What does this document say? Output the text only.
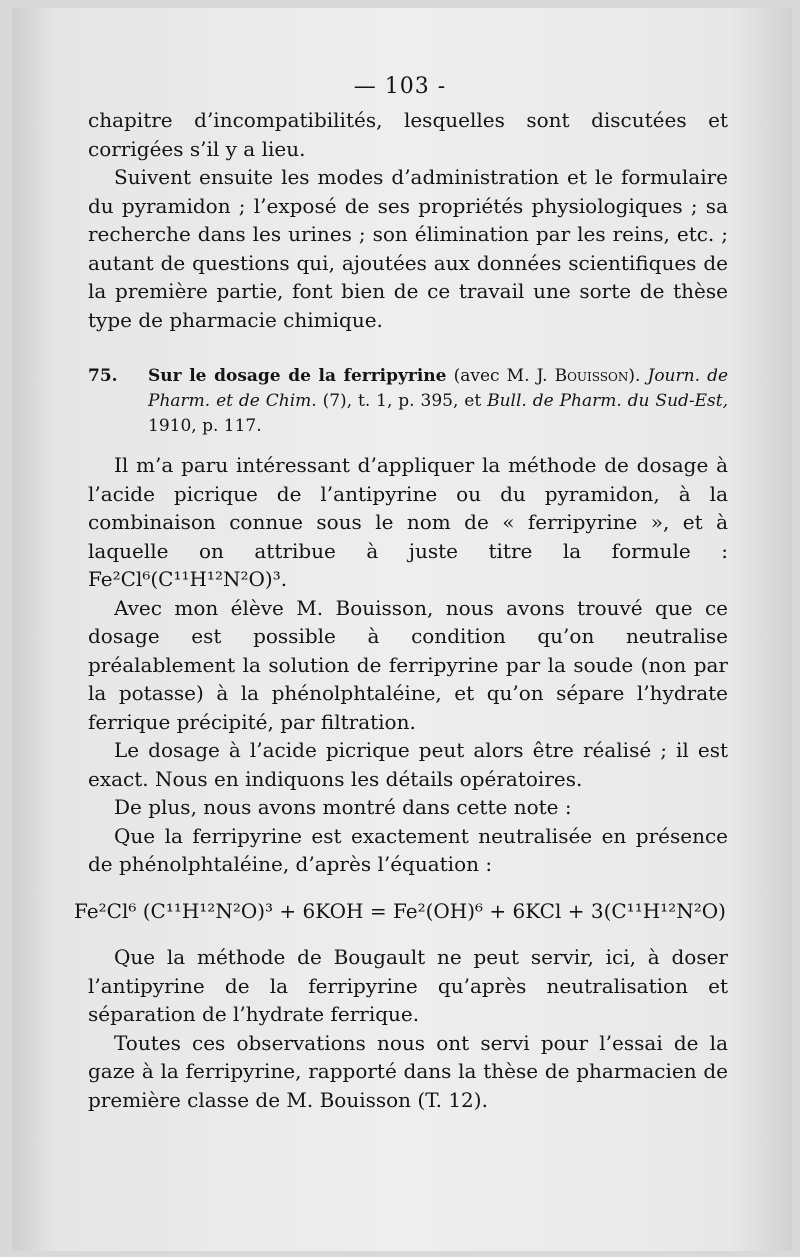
— 103 -

chapitre d’incompatibilités, lesquelles sont discutées et corrigées s’il y a lieu.

Suivent ensuite les modes d’administration et le formulaire du pyramidon ; l’exposé de ses propriétés physiologiques ; sa recherche dans les urines ; son élimination par les reins, etc. ; autant de questions qui, ajoutées aux données scientifiques de la première partie, font bien de ce travail une sorte de thèse type de pharmacie chimique.

75. Sur le dosage de la ferripyrine (avec M. J. Bouisson). Journ. de Pharm. et de Chim. (7), t. 1, p. 395, et Bull. de Pharm. du Sud-Est, 1910, p. 117.

Il m’a paru intéressant d’appliquer la méthode de dosage à l’acide picrique de l’antipyrine ou du pyramidon, à la combinaison connue sous le nom de « ferripyrine », et à laquelle on attribue à juste titre la formule : Fe²Cl⁶(C¹¹H¹²N²O)³.

Avec mon élève M. Bouisson, nous avons trouvé que ce dosage est possible à condition qu’on neutralise préalablement la solution de ferripyrine par la soude (non par la potasse) à la phénolphtaléine, et qu’on sépare l’hydrate ferrique précipité, par filtration.

Le dosage à l’acide picrique peut alors être réalisé ; il est exact. Nous en indiquons les détails opératoires.

De plus, nous avons montré dans cette note :

Que la ferripyrine est exactement neutralisée en présence de phénolphtaléine, d’après l’équation :

Fe²Cl⁶ (C¹¹H¹²N²O)³ + 6KOH = Fe²(OH)⁶ + 6KCl + 3(C¹¹H¹²N²O)

Que la méthode de Bougault ne peut servir, ici, à doser l’antipyrine de la ferripyrine qu’après neutralisation et séparation de l’hydrate ferrique.

Toutes ces observations nous ont servi pour l’essai de la gaze à la ferripyrine, rapporté dans la thèse de pharmacien de première classe de M. Bouisson (T. 12).
